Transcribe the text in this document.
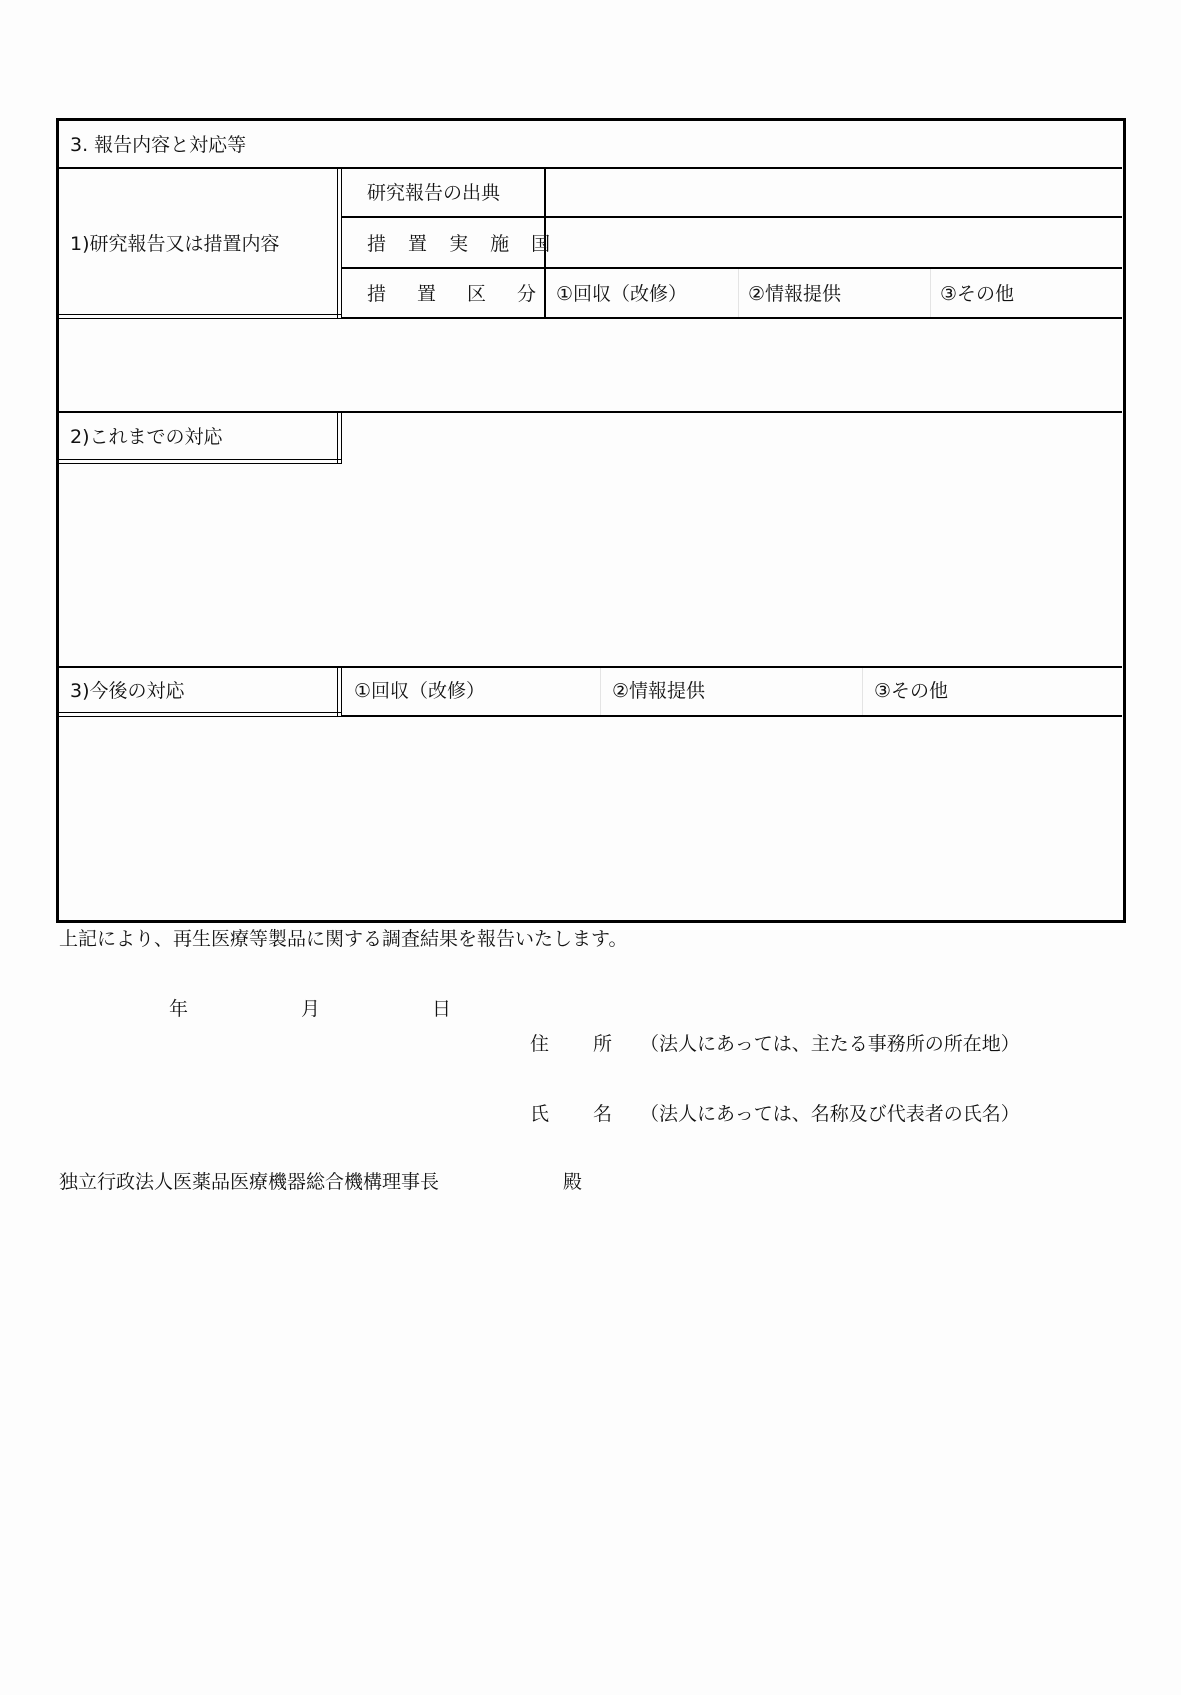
3. 報告内容と対応等
1)研究報告又は措置内容
研究報告の出典
措 置 実 施 国
措　置　区　分 ①回収（改修）	②情報提供	③その他
2)これまでの対応
3)今後の対応	①回収（改修）	②情報提供	③その他
上記により、再生医療等製品に関する調査結果を報告いたします。
年	月	日
住 所 （法人にあっては、主たる事務所の所在地）
氏 名 （法人にあっては、名称及び代表者の氏名）
独立行政法人医薬品医療機器総合機構理事長	殿
